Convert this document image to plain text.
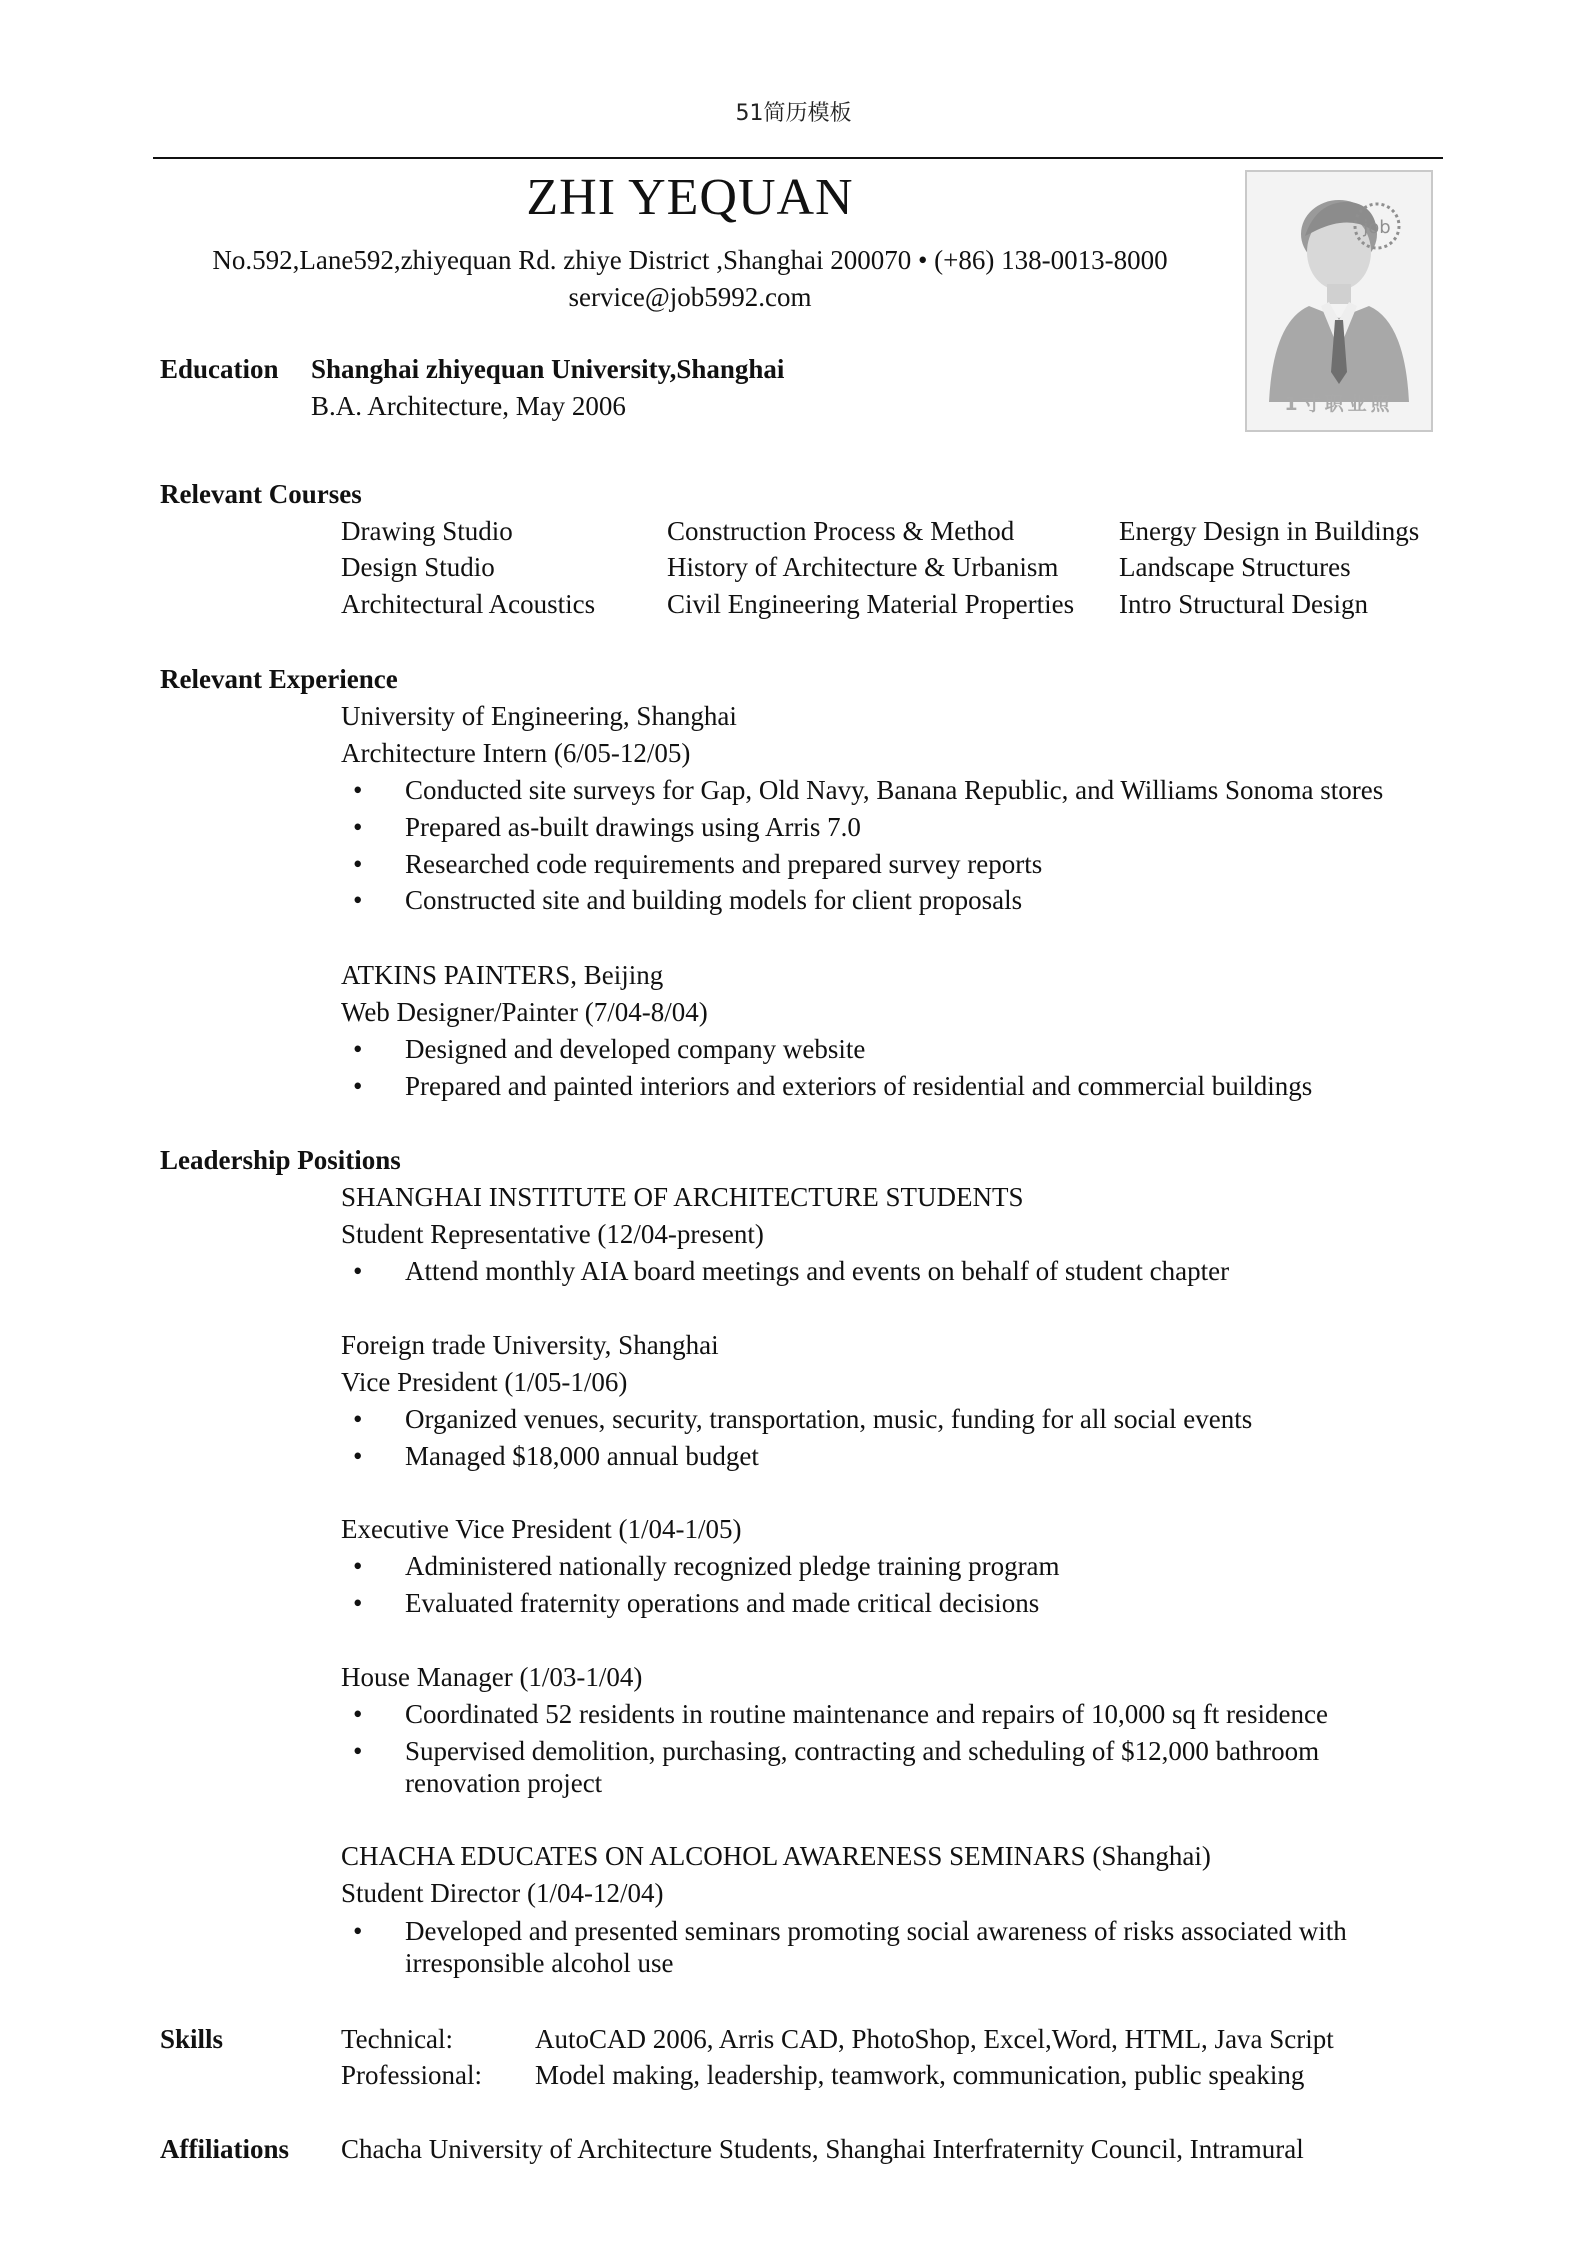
51简历模板
ZHI YEQUAN
No.592,Lane592,zhiyequan Rd. zhiye District ,Shanghai 200070 • (+86) 138-0013-8000
service@job5992.com
job
1寸职业照
Education Shanghai zhiyequan University,Shanghai
B.A. Architecture, May 2006
Relevant Courses
Drawing Studio
Design Studio
Architectural Acoustics
Construction Process & Method
History of Architecture & Urbanism
Civil Engineering Material Properties
Energy Design in Buildings
Landscape Structures
Intro Structural Design
Relevant Experience
University of Engineering, Shanghai
Architecture Intern (6/05-12/05)
• Conducted site surveys for Gap, Old Navy, Banana Republic, and Williams Sonoma stores
• Prepared as-built drawings using Arris 7.0
• Researched code requirements and prepared survey reports
• Constructed site and building models for client proposals
ATKINS PAINTERS, Beijing
Web Designer/Painter (7/04-8/04)
• Designed and developed company website
• Prepared and painted interiors and exteriors of residential and commercial buildings
Leadership Positions
SHANGHAI INSTITUTE OF ARCHITECTURE STUDENTS
Student Representative (12/04-present)
• Attend monthly AIA board meetings and events on behalf of student chapter
Foreign trade University, Shanghai
Vice President (1/05-1/06)
• Organized venues, security, transportation, music, funding for all social events
• Managed $18,000 annual budget
Executive Vice President (1/04-1/05)
• Administered nationally recognized pledge training program
• Evaluated fraternity operations and made critical decisions
House Manager (1/03-1/04)
• Coordinated 52 residents in routine maintenance and repairs of 10,000 sq ft residence
• Supervised demolition, purchasing, contracting and scheduling of $12,000 bathroom
renovation project
CHACHA EDUCATES ON ALCOHOL AWARENESS SEMINARS (Shanghai)
Student Director (1/04-12/04)
• Developed and presented seminars promoting social awareness of risks associated with
irresponsible alcohol use
Skills	Technical:	AutoCAD 2006, Arris CAD, PhotoShop, Excel,Word, HTML, Java Script
Professional: Model making, leadership, teamwork, communication, public speaking
Affiliations Chacha University of Architecture Students, Shanghai Interfraternity Council, Intramural
